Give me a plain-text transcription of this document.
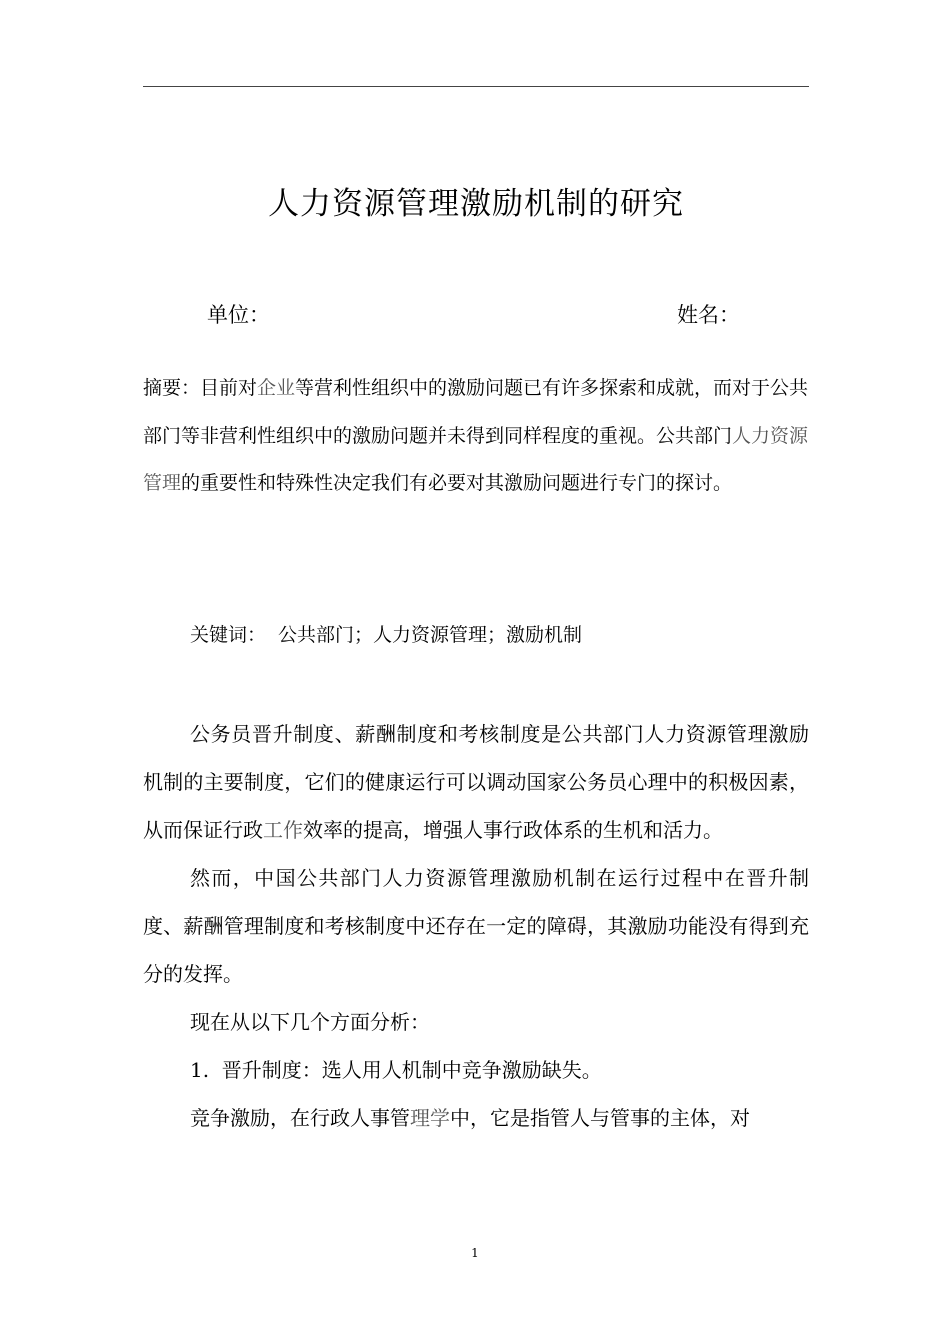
人力资源管理激励机制的研究
单位：	姓名：

摘要：目前对企业等营利性组织中的激励问题已有许多探索和成就，而对于公共部门等非营利性组织中的激励问题并未得到同样程度的重视。公共部门人力资源管理的重要性和特殊性决定我们有必要对其激励问题进行专门的探讨。

关键词： 公共部门；人力资源管理；激励机制

公务员晋升制度、薪酬制度和考核制度是公共部门人力资源管理激励机制的主要制度，它们的健康运行可以调动国家公务员心理中的积极因素，从而保证行政工作效率的提高，增强人事行政体系的生机和活力。

然而，中国公共部门人力资源管理激励机制在运行过程中在晋升制度、薪酬管理制度和考核制度中还存在一定的障碍，其激励功能没有得到充分的发挥。

现在从以下几个方面分析：

1.  晋升制度：选人用人机制中竞争激励缺失。

竞争激励，在行政人事管理学中，它是指管人与管事的主体，对

1
